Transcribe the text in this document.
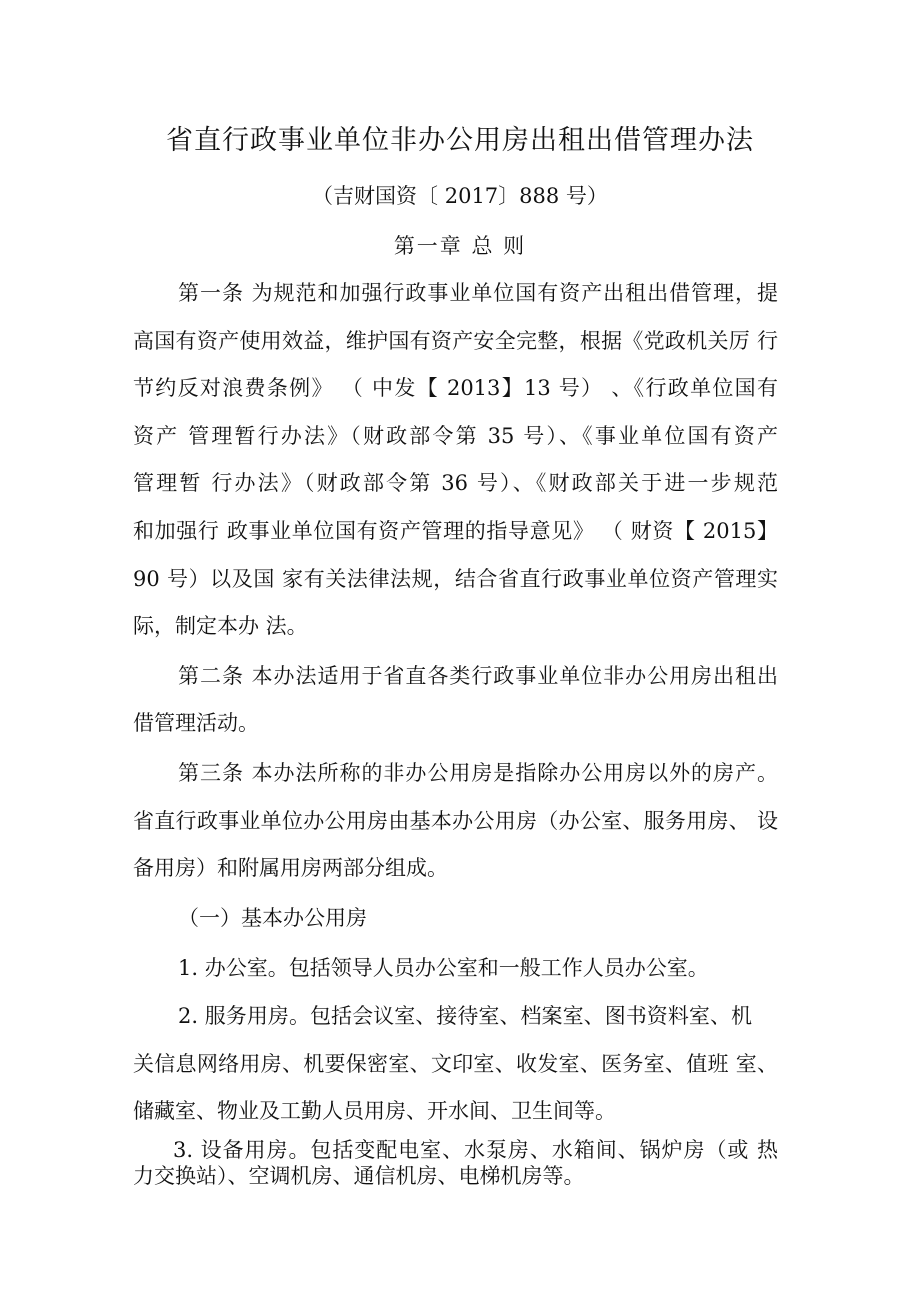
省直行政事业单位非办公用房出租出借管理办法
（吉财国资〔 2017〕888 号）
第一章 总 则
第一条 为规范和加强行政事业单位国有资产出租出借管理，提
高国有资产使用效益，维护国有资产安全完整，根据《党政机关厉 行
节约反对浪费条例》 （ 中发【 2013】13 号） 、《行政单位国有
资产 管理暂行办法》（财政部令第 35 号）、《事业单位国有资产
管理暂 行办法》（财政部令第 36 号）、《财政部关于进一步规范
和加强行 政事业单位国有资产管理的指导意见》 （ 财资【 2015】
90 号）以及国 家有关法律法规，结合省直行政事业单位资产管理实
际，制定本办 法。
第二条 本办法适用于省直各类行政事业单位非办公用房出租出
借管理活动。
第三条 本办法所称的非办公用房是指除办公用房以外的房产。
省直行政事业单位办公用房由基本办公用房（办公室、服务用房、 设
备用房）和附属用房两部分组成。
（一）基本办公用房
1. 办公室。包括领导人员办公室和一般工作人员办公室。
2. 服务用房。包括会议室、接待室、档案室、图书资料室、机
关信息网络用房、机要保密室、文印室、收发室、医务室、值班 室、
储藏室、物业及工勤人员用房、开水间、卫生间等。
3. 设备用房。包括变配电室、水泵房、水箱间、锅炉房（或 热
力交换站）、空调机房、通信机房、电梯机房等。
